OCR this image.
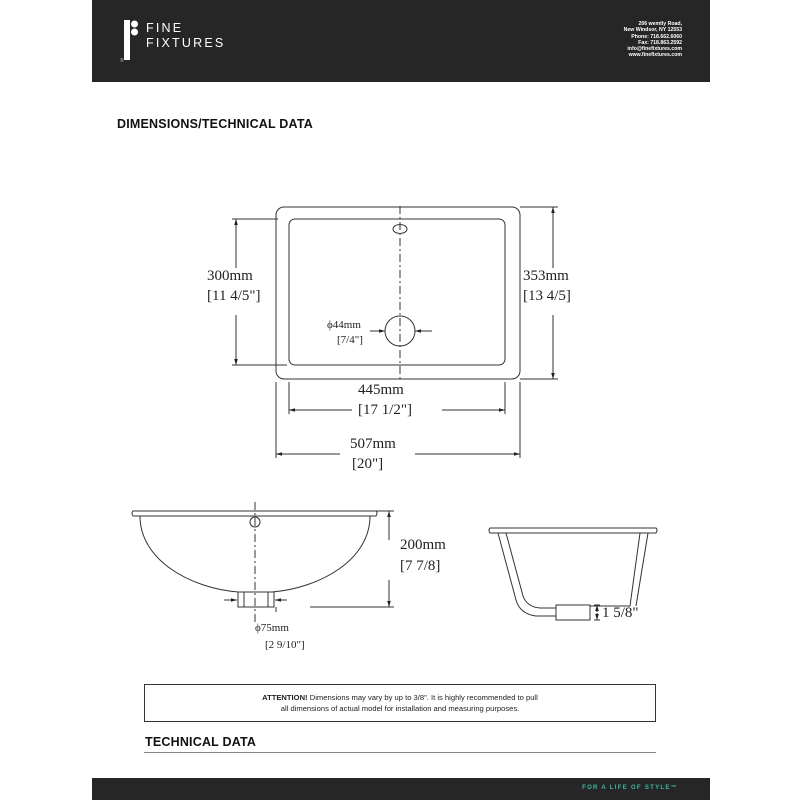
FINE
FIXTURES
®
206 wemtly Road,
New Windsor, NY 12553
Phone: 718.662.6060
Fax: 718.863.2592
info@finefixtures.com
www.finefixtures.com
DIMENSIONS/TECHNICAL DATA
300mm
[11 4/5"]
353mm
[13 4/5]
ϕ44mm
[7/4"]
445mm
[17 1/2"]
507mm
[20"]
200mm
[7 7/8]
ϕ75mm
[2 9/10"]
1 5/8"
ATTENTION! Dimensions may vary by up to 3/8". It is highly recommended to pull
all dimensions of actual model for installation and measuring purposes.
TECHNICAL DATA
FOR A LIFE OF STYLE™
